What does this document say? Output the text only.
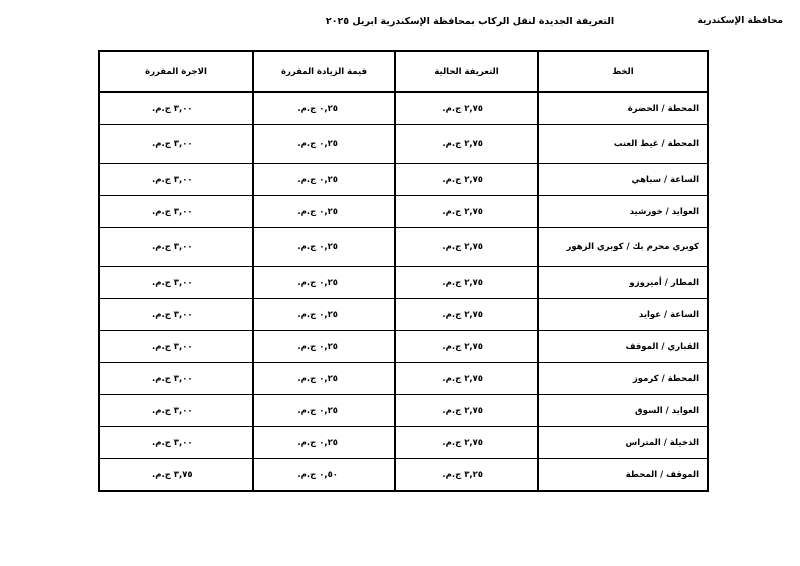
محافظة الإسكندرية
التعريفة الجديدة لنقل الركاب بمحافظة الإسكندرية ابريل ٢٠٢٥
الخط	التعريفة الحالية	قيمة الزيادة المقررة	الاجرة المقررة
المحطة / الحضرة	٢,٧٥ ج.م.	٠,٢٥ ج.م.	٣,٠٠ ج.م.
المحطة / غيط العنب	٢,٧٥ ج.م.	٠,٢٥ ج.م.	٣,٠٠ ج.م.
الساعة / سباهي	٢,٧٥ ج.م.	٠,٢٥ ج.م.	٣,٠٠ ج.م.
العوايد / خورشيد	٢,٧٥ ج.م.	٠,٢٥ ج.م.	٣,٠٠ ج.م.
كوبري محرم بك / كوبري الزهور	٢,٧٥ ج.م.	٠,٢٥ ج.م.	٣,٠٠ ج.م.
المطار / أميروزو	٢,٧٥ ج.م.	٠,٢٥ ج.م.	٣,٠٠ ج.م.
الساعة / عوايد	٢,٧٥ ج.م.	٠,٢٥ ج.م.	٣,٠٠ ج.م.
القباري / الموقف	٢,٧٥ ج.م.	٠,٢٥ ج.م.	٣,٠٠ ج.م.
المحطة / كرموز	٢,٧٥ ج.م.	٠,٢٥ ج.م.	٣,٠٠ ج.م.
العوايد / السوق	٢,٧٥ ج.م.	٠,٢٥ ج.م.	٣,٠٠ ج.م.
الدخيلة / المتراس	٢,٧٥ ج.م.	٠,٢٥ ج.م.	٣,٠٠ ج.م.
الموقف / المحطة	٣,٢٥ ج.م.	٠,٥٠ ج.م.	٣,٧٥ ج.م.
